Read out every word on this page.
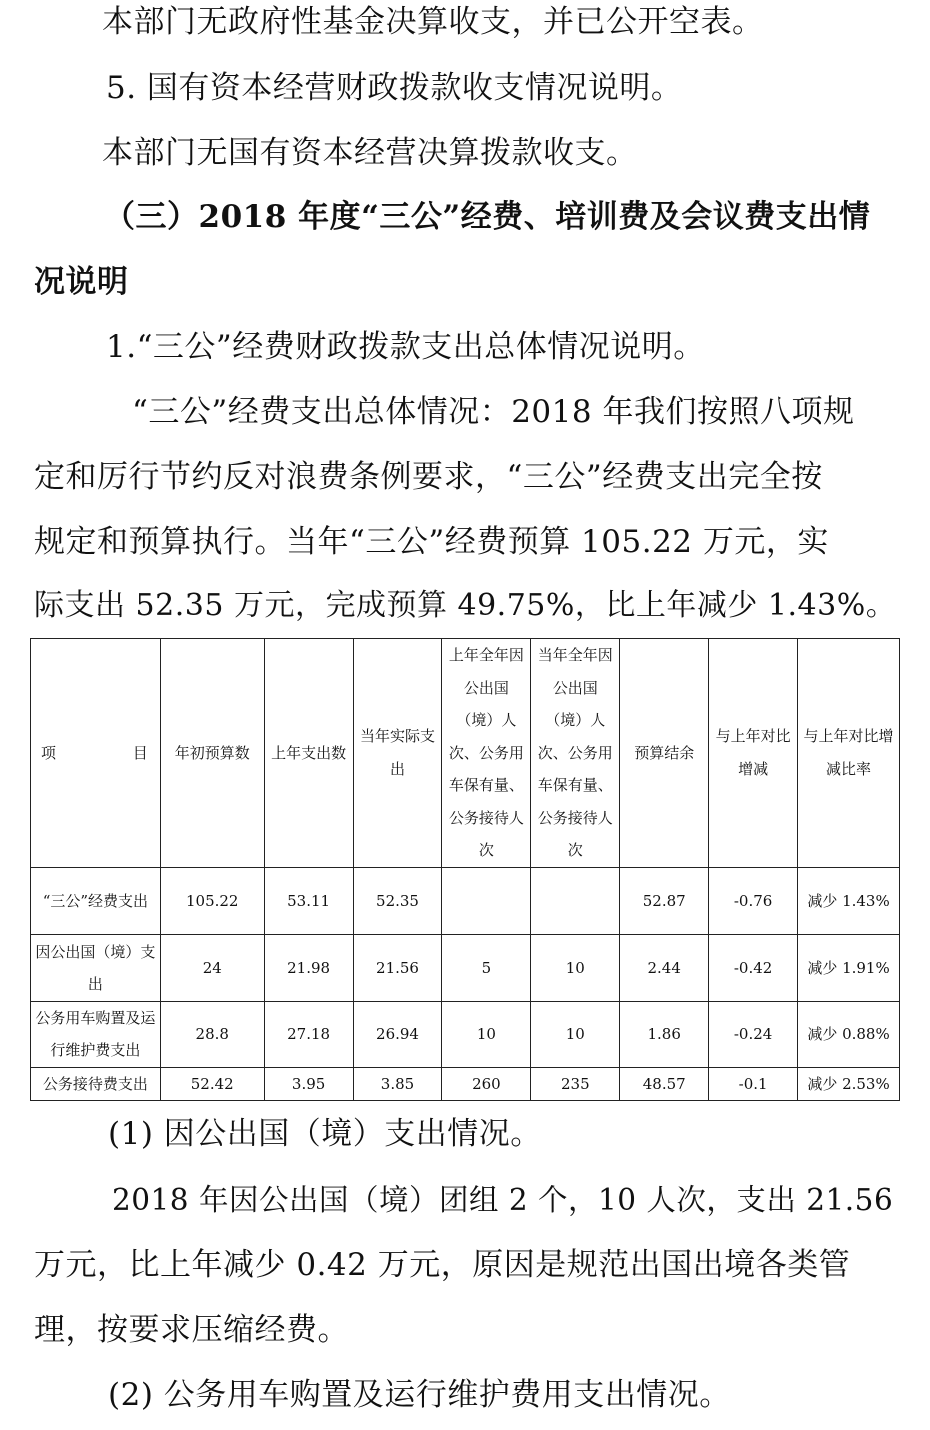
本部门无政府性基金决算收支，并已公开空表。
5. 国有资本经营财政拨款收支情况说明。
本部门无国有资本经营决算拨款收支。
（三）2018 年度“三公”经费、培训费及会议费支出情
况说明
1.“三公”经费财政拨款支出总体情况说明。
“三公”经费支出总体情况：2018 年我们按照八项规
定和厉行节约反对浪费条例要求，“三公”经费支出完全按
规定和预算执行。当年“三公”经费预算 105.22 万元，实
际支出 52.35 万元，完成预算 49.75%，比上年减少 1.43%。
项 目	年初预算数	上年支出数	当年实际支出	上年全年因公出国（境）人次、公务用车保有量、公务接待人次	当年全年因公出国（境）人次、公务用车保有量、公务接待人次	预算结余	与上年对比增减	与上年对比增减比率
“三公”经费支出	105.22	53.11	52.35			52.87	-0.76	减少 1.43%
因公出国（境）支出	24	21.98	21.56	5	10	2.44	-0.42	减少 1.91%
公务用车购置及运行维护费支出	28.8	27.18	26.94	10	10	1.86	-0.24	减少 0.88%
公务接待费支出	52.42	3.95	3.85	260	235	48.57	-0.1	减少 2.53%
(1) 因公出国（境）支出情况。
2018 年因公出国（境）团组 2 个，10 人次，支出 21.56
万元，比上年减少 0.42 万元，原因是规范出国出境各类管
理，按要求压缩经费。
(2) 公务用车购置及运行维护费用支出情况。
